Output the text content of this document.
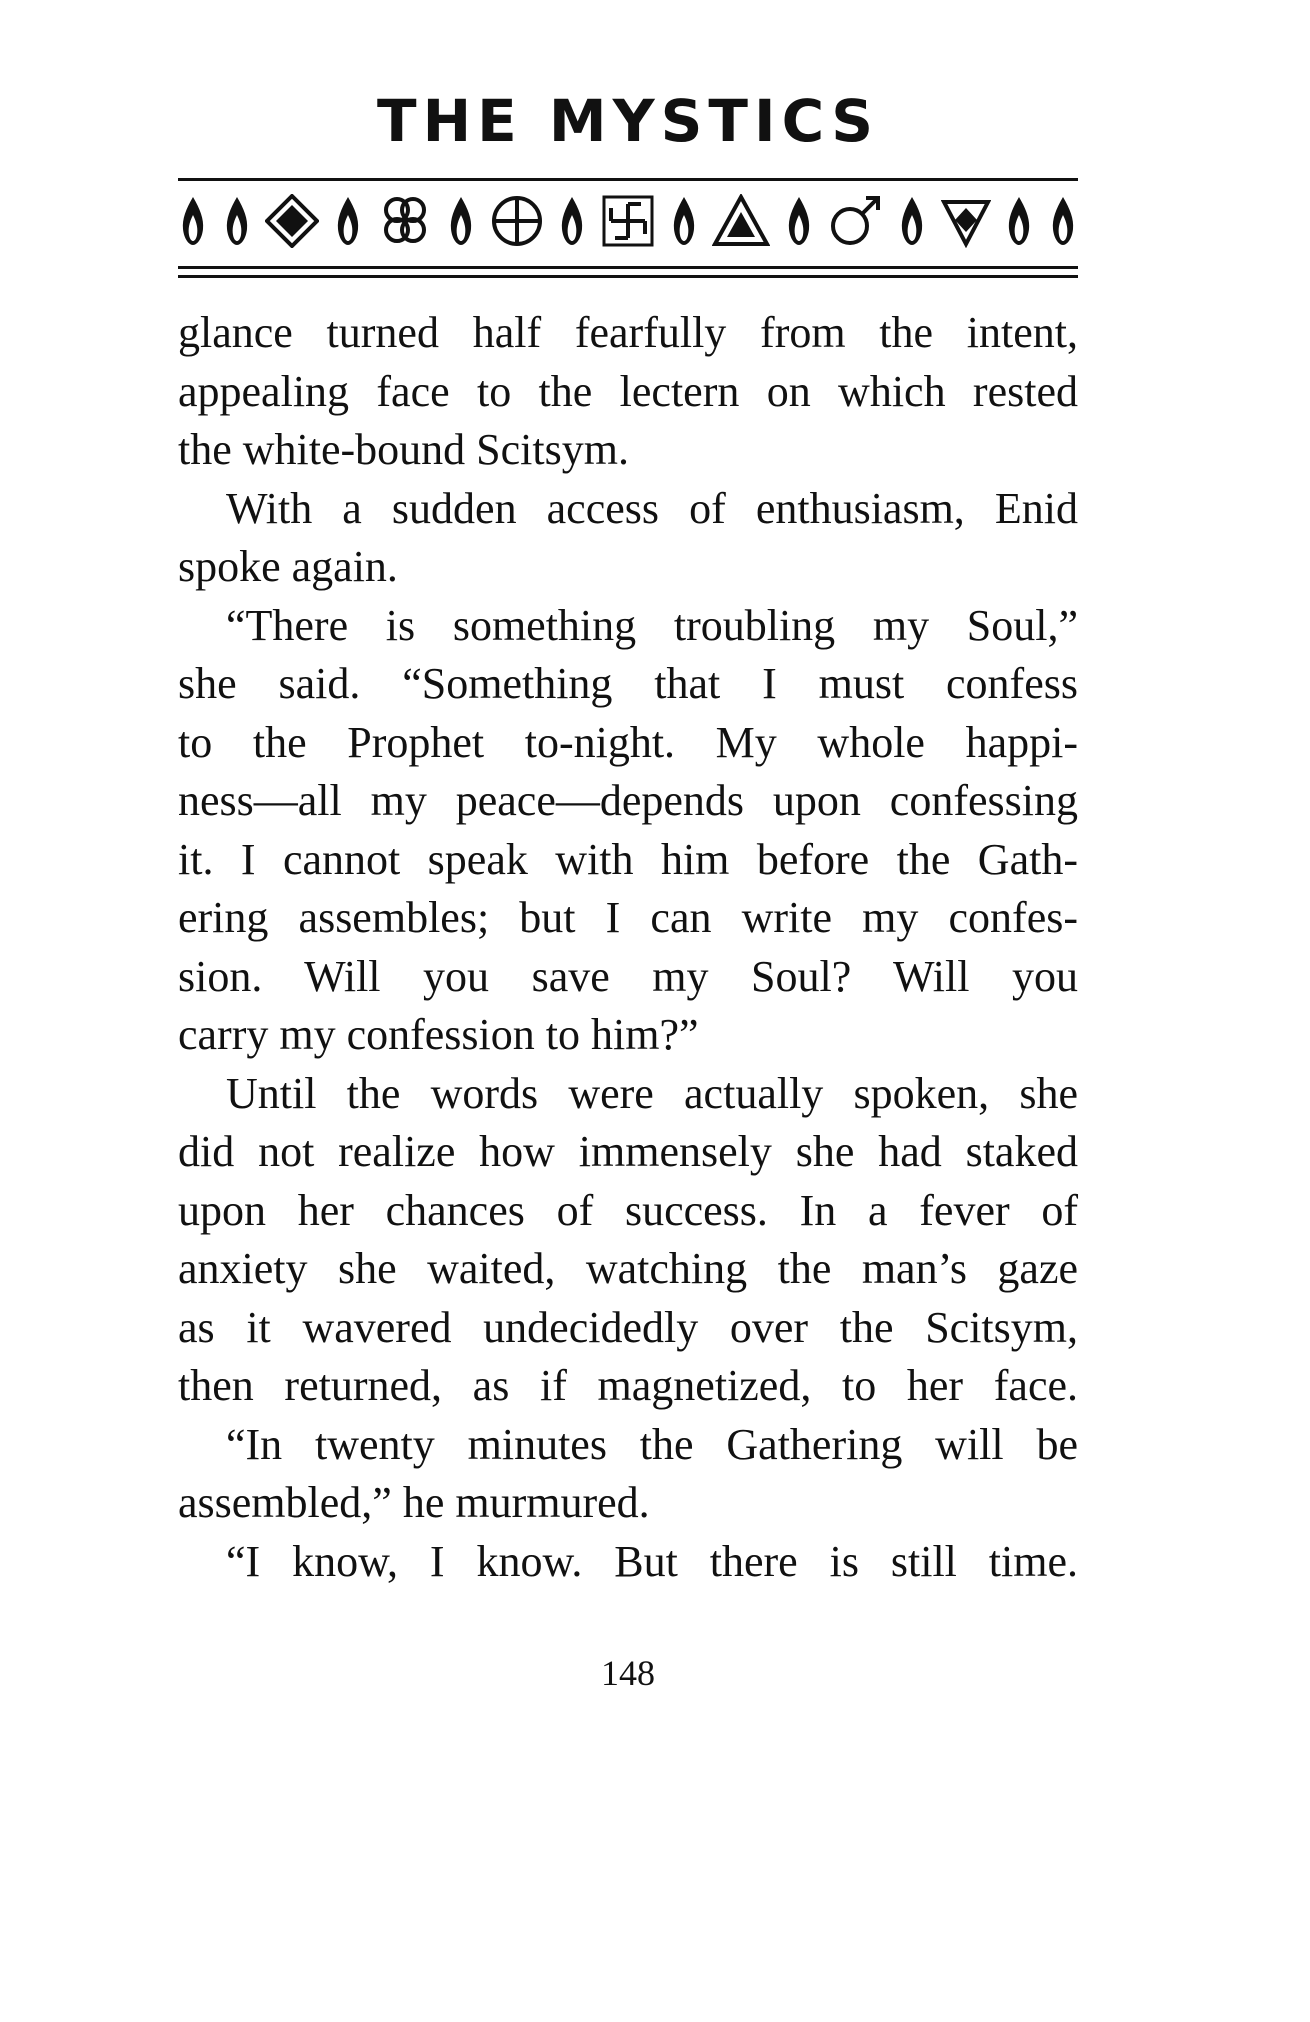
THE MYSTICS
glance turned half fearfully from the intent,
appealing face to the lectern on which rested
the white-bound Scitsym.
With a sudden access of enthusiasm, Enid
spoke again.
“There is something troubling my Soul,”
she said. “Something that I must confess
to the Prophet to-night. My whole happi-
ness—all my peace—depends upon confessing
it. I cannot speak with him before the Gath-
ering assembles; but I can write my confes-
sion. Will you save my Soul? Will you
carry my confession to him?”
Until the words were actually spoken, she
did not realize how immensely she had staked
upon her chances of success. In a fever of
anxiety she waited, watching the man’s gaze
as it wavered undecidedly over the Scitsym,
then returned, as if magnetized, to her face.
“In twenty minutes the Gathering will be
assembled,” he murmured.
“I know, I know. But there is still time.
148
